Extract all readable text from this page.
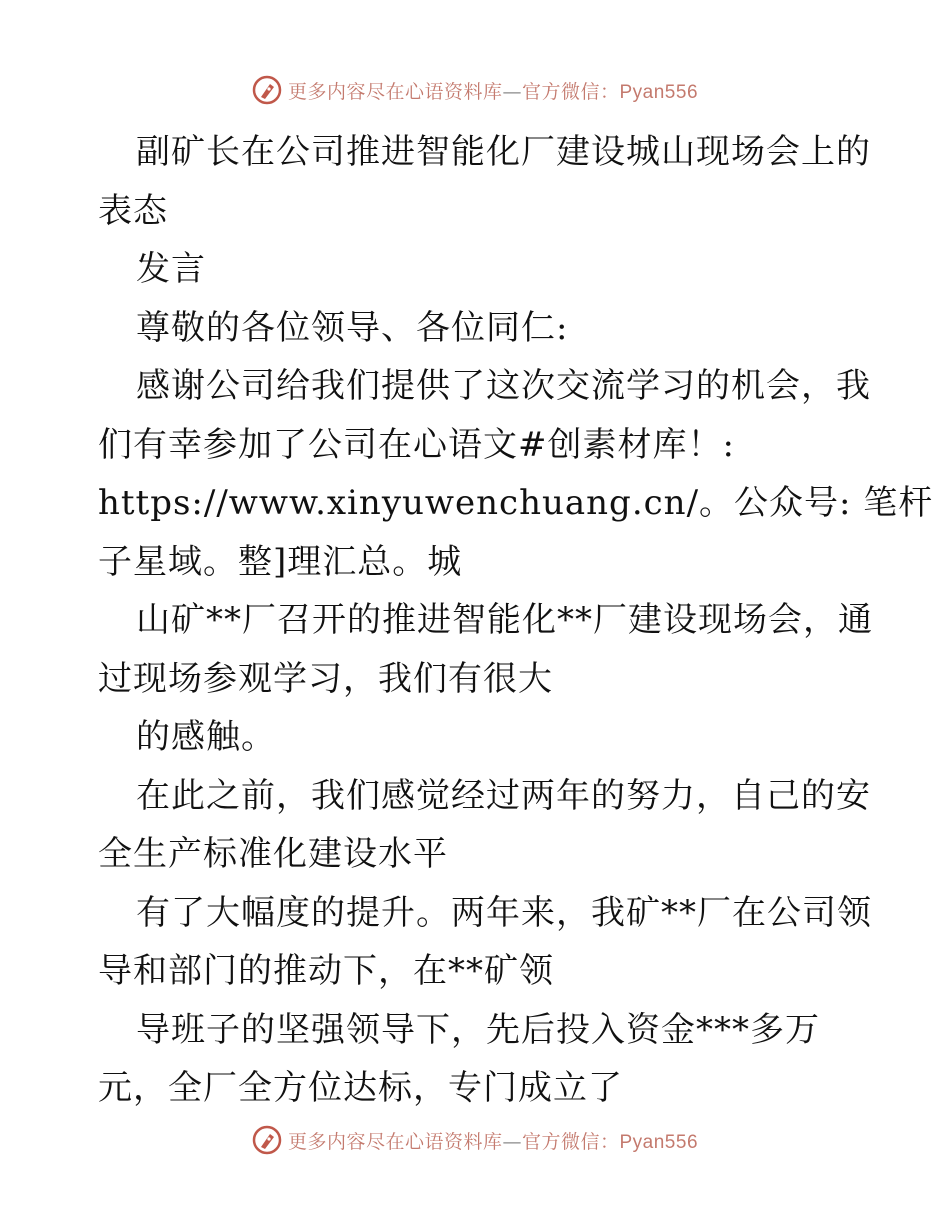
更多内容尽在心语资料库—官方微信：Pyan556
副矿长在公司推进智能化厂建设城山现场会上的
表态
发言
尊敬的各位领导、各位同仁:
感谢公司给我们提供了这次交流学习的机会，我
们有幸参加了公司在心语文#创素材库！:
https://www.xinyuwenchuang.cn/。公众号: 笔杆
子星域。整]理汇总。城
山矿**厂召开的推进智能化**厂建设现场会，通
过现场参观学习，我们有很大
的感触。
在此之前，我们感觉经过两年的努力，自己的安
全生产标准化建设水平
有了大幅度的提升。两年来，我矿**厂在公司领
导和部门的推动下，在**矿领
导班子的坚强领导下，先后投入资金***多万
元，全厂全方位达标，专门成立了
更多内容尽在心语资料库—官方微信：Pyan556
